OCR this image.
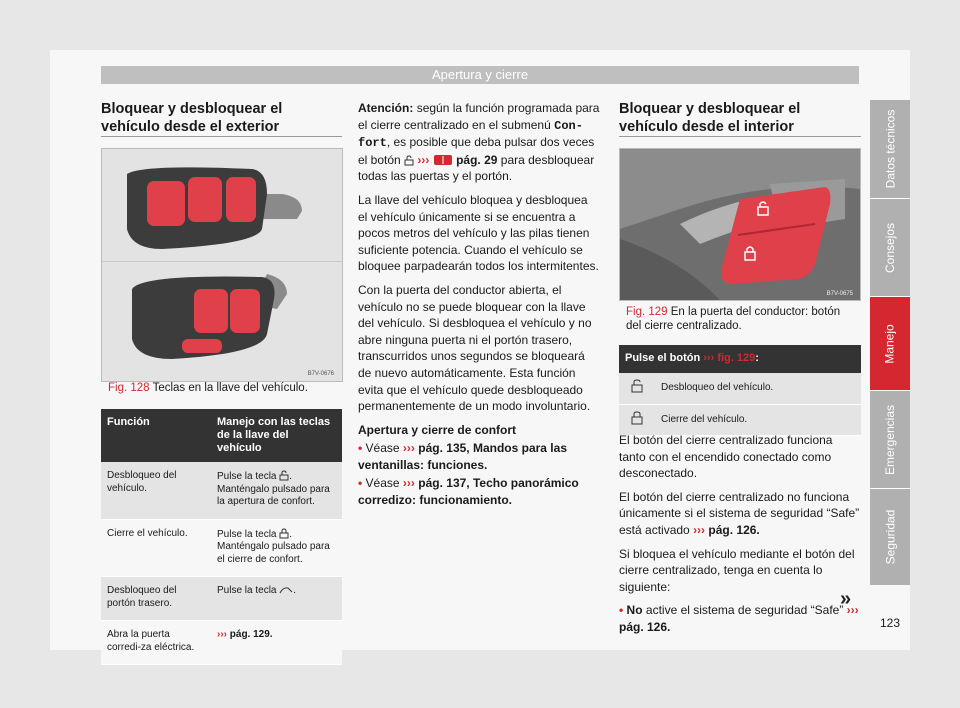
Apertura y cierre
Bloquear y desbloquear el vehículo desde el exterior
B7V-0676
Fig. 128 Teclas en la llave del vehículo.
Función	Manejo con las teclas de la llave del vehículo
Desbloqueo del vehículo.	Pulse la tecla . Manténgalo pulsado para la apertura de confort.
Cierre el vehículo.	Pulse la tecla . Manténgalo pulsado para el cierre de confort.
Desbloqueo del portón trasero.	Pulse la tecla .
Abra la puerta corredi-za eléctrica.	››› pág. 129.

Atención: según la función programada para el cierre centralizado en el submenú Con-fort, es posible que deba pulsar dos veces el botón ››› pág. 29 para desbloquear todas las puertas y el portón.

La llave del vehículo bloquea y desbloquea el vehículo únicamente si se encuentra a pocos metros del vehículo y las pilas tienen suficiente potencia. Cuando el vehículo se bloquee parpadearán todos los intermitentes.

Con la puerta del conductor abierta, el vehículo no se puede bloquear con la llave del vehículo. Si desbloquea el vehículo y no abre ninguna puerta ni el portón trasero, transcurridos unos segundos se bloqueará de nuevo automáticamente. Esta función evita que el vehículo quede desbloqueado permanentemente de un modo involuntario.

Apertura y cierre de confort

• Véase ››› pág. 135, Mandos para las ventanillas: funciones.

• Véase ››› pág. 137, Techo panorámico corredizo: funcionamiento.

Bloquear y desbloquear el vehículo desde el interior
B7V-0675
Fig. 129 En la puerta del conductor: botón del cierre centralizado.
Pulse el botón ››› fig. 129:	
	Desbloqueo del vehículo.
	Cierre del vehículo.

El botón del cierre centralizado funciona tanto con el encendido conectado como desconectado.

El botón del cierre centralizado no funciona únicamente si el sistema de seguridad “Safe” está activado ››› pág. 126.

Si bloquea el vehículo mediante el botón del cierre centralizado, tenga en cuenta lo siguiente:

• No active el sistema de seguridad “Safe” ››› pág. 126.

»
Datos técnicos
Consejos
Manejo
Emergencias
Seguridad
123
